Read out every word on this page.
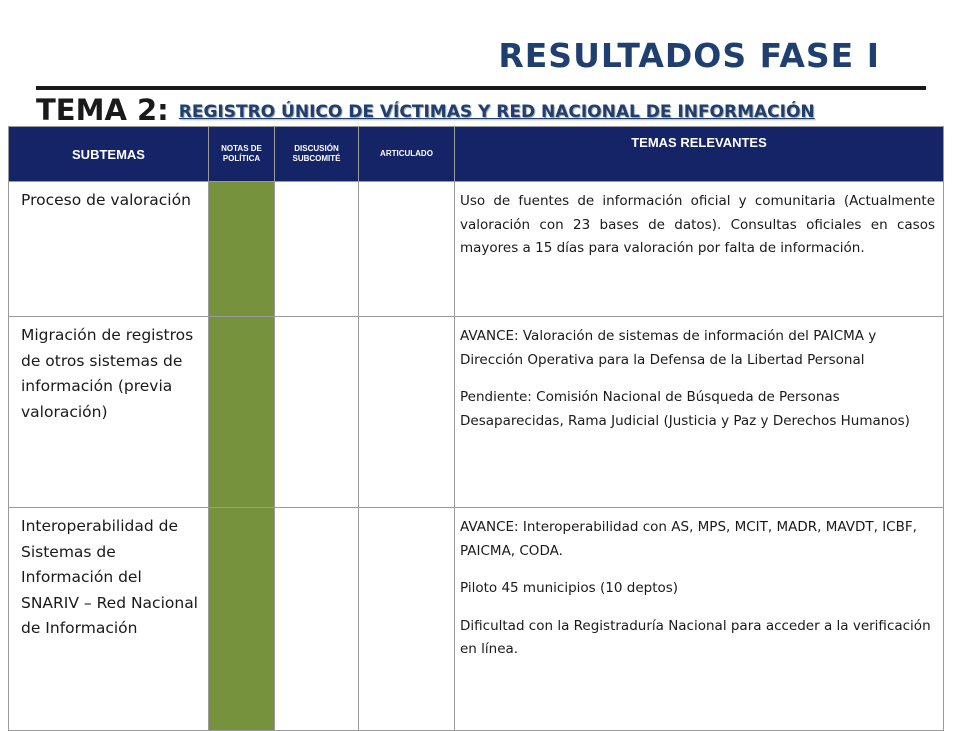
RESULTADOS FASE I
TEMA 2: REGISTRO ÚNICO DE VÍCTIMAS Y RED NACIONAL DE INFORMACIÓN
SUBTEMAS	NOTAS DE POLÍTICA	DISCUSIÓN SUBCOMITÉ	ARTICULADO	TEMAS RELEVANTES
Proceso de valoración				Uso de fuentes de información oficial y comunitaria (Actualmente valoración con 23 bases de datos). Consultas oficiales en casos mayores a 15 días para valoración por falta de información.

Migración de registros de otros sistemas de información (previa valoración)				AVANCE: Valoración de sistemas de información del PAICMA y Dirección Operativa para la Defensa de la Libertad Personal

Pendiente: Comisión Nacional de Búsqueda de Personas Desaparecidas, Rama Judicial (Justicia y Paz y Derechos Humanos)

Interoperabilidad de Sistemas de Información del SNARIV – Red Nacional de Información				AVANCE: Interoperabilidad con AS, MPS, MCIT, MADR, MAVDT, ICBF, PAICMA, CODA.

Piloto 45 municipios (10 deptos)

Dificultad con la Registraduría Nacional para acceder a la verificación en línea.
